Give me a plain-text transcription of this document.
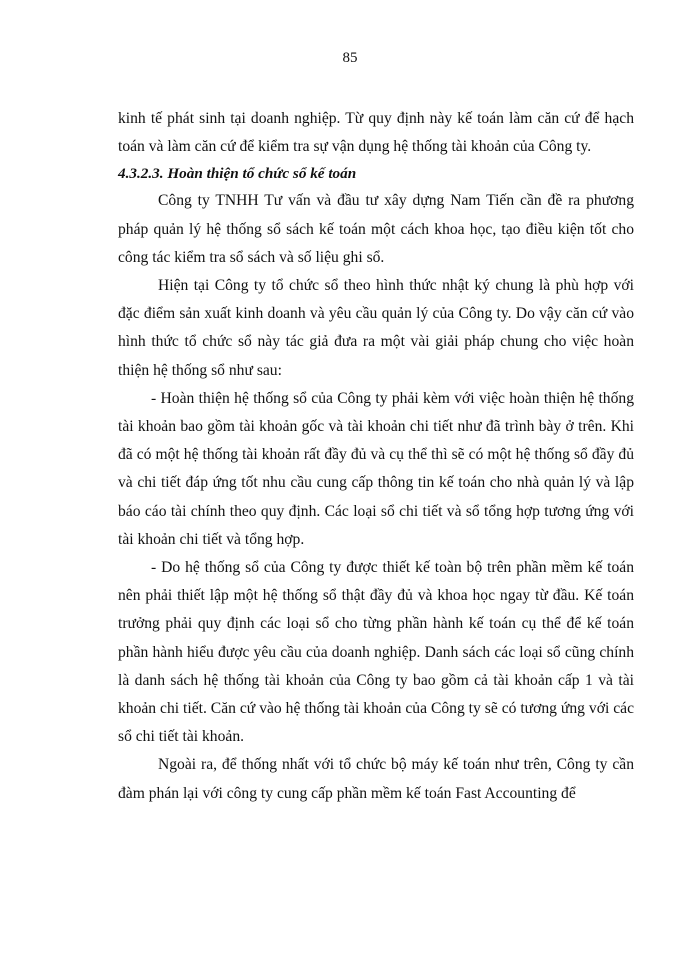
85

kinh tế phát sinh tại doanh nghiệp. Từ quy định này kế toán làm căn cứ để hạch toán và làm căn cứ để kiểm tra sự vận dụng hệ thống tài khoản của Công ty.

4.3.2.3. Hoàn thiện tổ chức sổ kế toán

Công ty TNHH Tư vấn và đầu tư xây dựng Nam Tiến cần đề ra phương pháp quản lý hệ thống sổ sách kế toán một cách khoa học, tạo điều kiện tốt cho công tác kiểm tra sổ sách và số liệu ghi sổ.

Hiện tại Công ty tổ chức sổ theo hình thức nhật ký chung là phù hợp với đặc điểm sản xuất kinh doanh và yêu cầu quản lý của Công ty. Do vậy căn cứ vào hình thức tổ chức sổ này tác giả đưa ra một vài giải pháp chung cho việc hoàn thiện hệ thống sổ như sau:

- Hoàn thiện hệ thống sổ của Công ty phải kèm với việc hoàn thiện hệ thống tài khoản bao gồm tài khoản gốc và tài khoản chi tiết như đã trình bày ở trên. Khi đã có một hệ thống tài khoản rất đầy đủ và cụ thể thì sẽ có một hệ thống sổ đầy đủ và chi tiết đáp ứng tốt nhu cầu cung cấp thông tin kế toán cho nhà quản lý và lập báo cáo tài chính theo quy định. Các loại sổ chi tiết và sổ tổng hợp tương ứng với tài khoản chi tiết và tổng hợp.

- Do hệ thống sổ của Công ty được thiết kế toàn bộ trên phần mềm kế toán nên phải thiết lập một hệ thống sổ thật đầy đủ và khoa học ngay từ đầu. Kế toán trưởng phải quy định các loại sổ cho từng phần hành kế toán cụ thể để kế toán phần hành hiểu được yêu cầu của doanh nghiệp. Danh sách các loại sổ cũng chính là danh sách hệ thống tài khoản của Công ty bao gồm cả tài khoản cấp 1 và tài khoản chi tiết. Căn cứ vào hệ thống tài khoản của Công ty sẽ có tương ứng với các sổ chi tiết tài khoản.

Ngoài ra, để thống nhất với tổ chức bộ máy kế toán như trên, Công ty cần đàm phán lại với công ty cung cấp phần mềm kế toán Fast Accounting để
